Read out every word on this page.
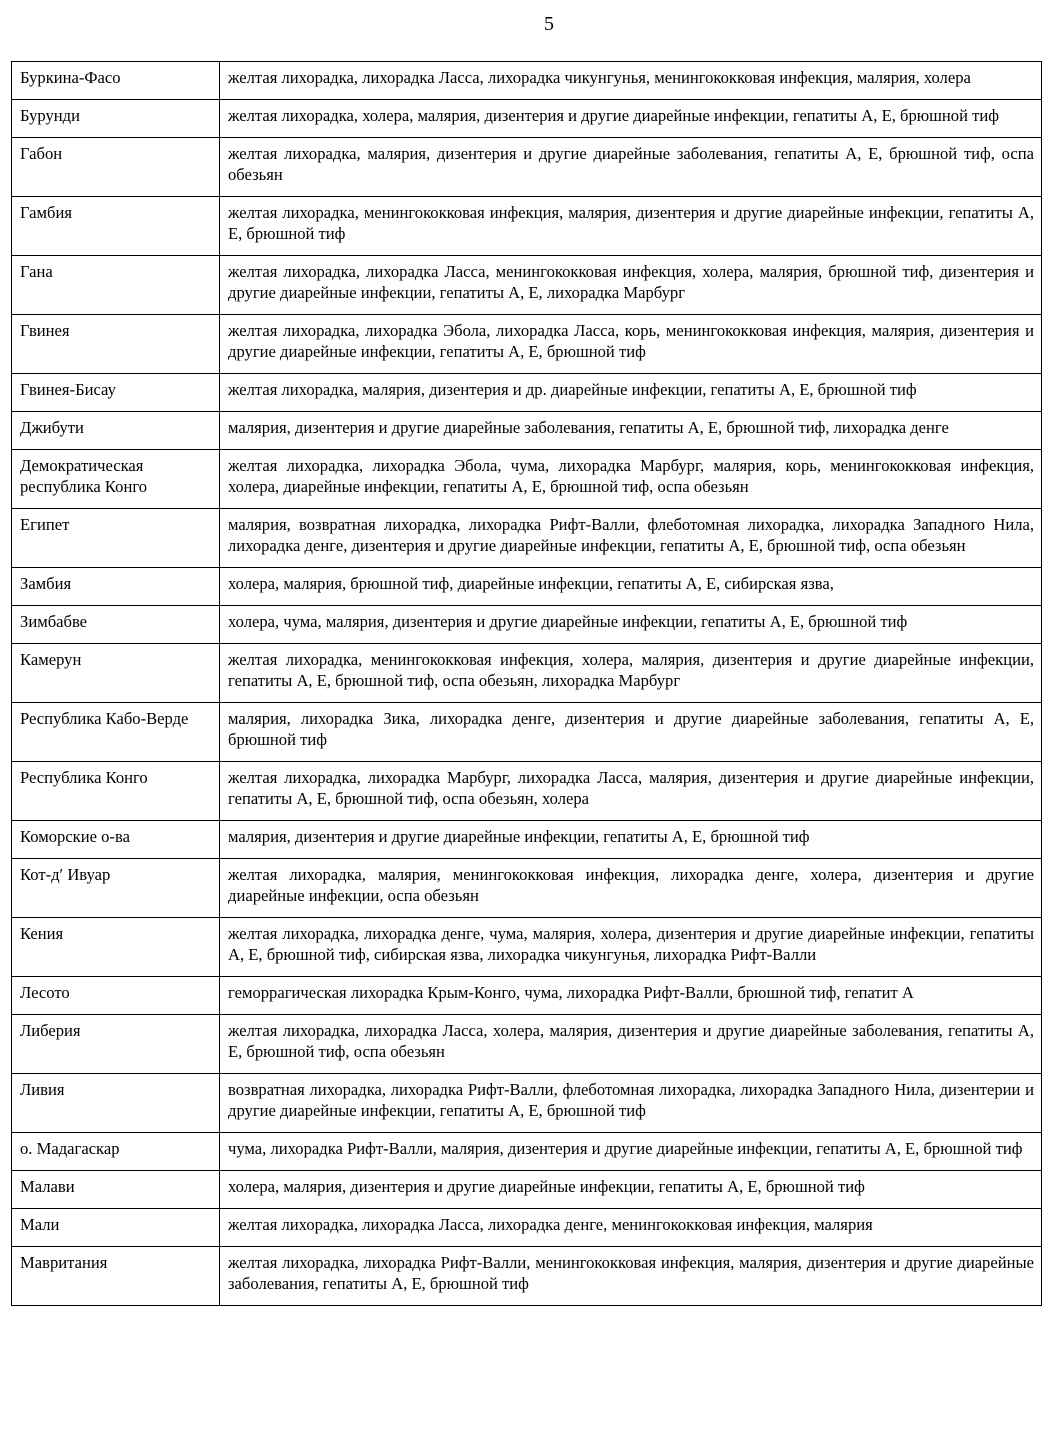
5
Буркина-Фасо	желтая лихорадка, лихорадка Ласса, лихорадка чикунгунья, менингококковая инфекция, малярия, холера
Бурунди	желтая лихорадка, холера, малярия, дизентерия и другие диарейные инфекции, гепатиты А, Е, брюшной тиф
Габон	желтая лихорадка, малярия, дизентерия и другие диарейные заболевания, гепатиты А, Е, брюшной тиф, оспа обезьян
Гамбия	желтая лихорадка, менингококковая инфекция, малярия, дизентерия и другие диарейные инфекции, гепатиты А, Е, брюшной тиф
Гана	желтая лихорадка, лихорадка Ласса, менингококковая инфекция, холера, малярия, брюшной тиф, дизентерия и другие диарейные инфекции, гепатиты А, Е, лихорадка Марбург
Гвинея	желтая лихорадка, лихорадка Эбола, лихорадка Ласса, корь, менингококковая инфекция, малярия, дизентерия и другие диарейные инфекции, гепатиты А, Е, брюшной тиф
Гвинея-Бисау	желтая лихорадка, малярия, дизентерия и др. диарейные инфекции, гепатиты А, Е, брюшной тиф
Джибути	малярия, дизентерия и другие диарейные заболевания, гепатиты А, Е, брюшной тиф, лихорадка денге
Демократическая республика Конго	желтая лихорадка, лихорадка Эбола, чума, лихорадка Марбург, малярия, корь, менингококковая инфекция, холера, диарейные инфекции, гепатиты А, Е, брюшной тиф, оспа обезьян
Египет	малярия, возвратная лихорадка, лихорадка Рифт-Валли, флеботомная лихорадка, лихорадка Западного Нила, лихорадка денге, дизентерия и другие диарейные инфекции, гепатиты А, Е, брюшной тиф, оспа обезьян
Замбия	холера, малярия, брюшной тиф, диарейные инфекции, гепатиты А, Е, сибирская язва,
Зимбабве	холера, чума, малярия, дизентерия и другие диарейные инфекции, гепатиты А, Е, брюшной тиф
Камерун	желтая лихорадка, менингококковая инфекция, холера, малярия, дизентерия и другие диарейные инфекции, гепатиты А, Е, брюшной тиф, оспа обезьян, лихорадка Марбург
Республика Кабо-Верде	малярия, лихорадка Зика, лихорадка денге, дизентерия и другие диарейные заболевания, гепатиты А, Е, брюшной тиф
Республика Конго	желтая лихорадка, лихорадка Марбург, лихорадка Ласса, малярия, дизентерия и другие диарейные инфекции, гепатиты А, Е, брюшной тиф, оспа обезьян, холера
Коморские о-ва	малярия, дизентерия и другие диарейные инфекции, гепатиты А, Е, брюшной тиф
Кот-д′ Ивуар	желтая лихорадка, малярия, менингококковая инфекция, лихорадка денге, холера, дизентерия и другие диарейные инфекции, оспа обезьян
Кения	желтая лихорадка, лихорадка денге, чума, малярия, холера, дизентерия и другие диарейные инфекции, гепатиты А, Е, брюшной тиф, сибирская язва, лихорадка чикунгунья, лихорадка Рифт-Валли
Лесото	геморрагическая лихорадка Крым-Конго, чума, лихорадка Рифт-Валли, брюшной тиф, гепатит А
Либерия	желтая лихорадка, лихорадка Ласса, холера, малярия, дизентерия и другие диарейные заболевания, гепатиты А, Е, брюшной тиф, оспа обезьян
Ливия	возвратная лихорадка, лихорадка Рифт-Валли, флеботомная лихорадка, лихорадка Западного Нила, дизентерии и другие диарейные инфекции, гепатиты А, Е, брюшной тиф
о. Мадагаскар	чума, лихорадка Рифт-Валли, малярия, дизентерия и другие диарейные инфекции, гепатиты А, Е, брюшной тиф
Малави	холера, малярия, дизентерия и другие диарейные инфекции, гепатиты А, Е, брюшной тиф
Мали	желтая лихорадка, лихорадка Ласса, лихорадка денге, менингококковая инфекция, малярия
Мавритания	желтая лихорадка, лихорадка Рифт-Валли, менингококковая инфекция, малярия, дизентерия и другие диарейные заболевания, гепатиты А, Е, брюшной тиф
